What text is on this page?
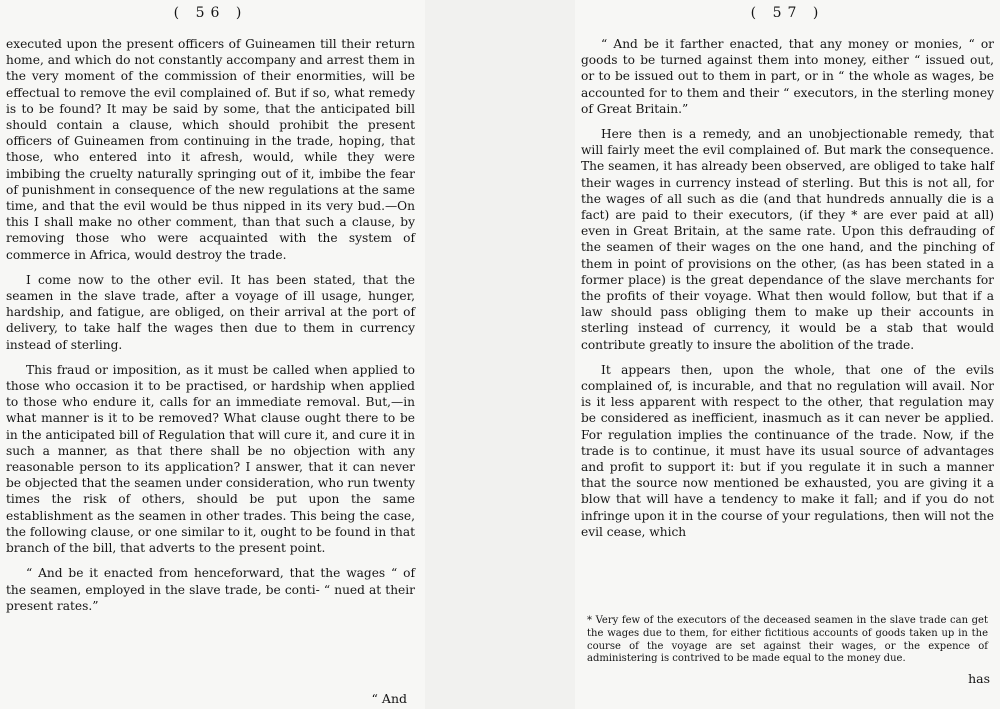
( 56 )

executed upon the present officers of Guineamen till their return home, and which do not constantly accompany and arrest them in the very moment of the commission of their enormities, will be effectual to remove the evil complained of. But if so, what remedy is to be found? It may be said by some, that the anticipated bill should contain a clause, which should prohibit the present officers of Guineamen from continuing in the trade, hoping, that those, who entered into it afresh, would, while they were imbibing the cruelty naturally springing out of it, imbibe the fear of punishment in consequence of the new regulations at the same time, and that the evil would be thus nipped in its very bud.—On this I shall make no other comment, than that such a clause, by removing those who were acquainted with the system of commerce in Africa, would destroy the trade.

I come now to the other evil. It has been stated, that the seamen in the slave trade, after a voyage of ill usage, hunger, hardship, and fatigue, are obliged, on their arrival at the port of delivery, to take half the wages then due to them in currency instead of sterling.

This fraud or imposition, as it must be called when applied to those who occasion it to be practised, or hardship when applied to those who endure it, calls for an immediate removal. But,—in what manner is it to be removed? What clause ought there to be in the anticipated bill of Regulation that will cure it, and cure it in such a manner, as that there shall be no objection with any reasonable person to its application? I answer, that it can never be objected that the seamen under consideration, who run twenty times the risk of others, should be put upon the same establishment as the seamen in other trades. This being the case, the following clause, or one similar to it, ought to be found in that branch of the bill, that adverts to the present point.

“ And be it enacted from henceforward, that the wages “ of the seamen, employed in the slave trade, be conti- “ nued at their present rates.”

“ And
( 57 )

“ And be it farther enacted, that any money or monies, “ or goods to be turned against them into money, either “ issued out, or to be issued out to them in part, or in “ the whole as wages, be accounted for to them and their “ executors, in the sterling money of Great Britain.”

Here then is a remedy, and an unobjectionable remedy, that will fairly meet the evil complained of. But mark the consequence. The seamen, it has already been observed, are obliged to take half their wages in currency instead of sterling. But this is not all, for the wages of all such as die (and that hundreds annually die is a fact) are paid to their executors, (if they * are ever paid at all) even in Great Britain, at the same rate. Upon this defrauding of the seamen of their wages on the one hand, and the pinching of them in point of provisions on the other, (as has been stated in a former place) is the great dependance of the slave merchants for the profits of their voyage. What then would follow, but that if a law should pass obliging them to make up their accounts in sterling instead of currency, it would be a stab that would contribute greatly to insure the abolition of the trade.

It appears then, upon the whole, that one of the evils complained of, is incurable, and that no regulation will avail. Nor is it less apparent with respect to the other, that regulation may be considered as inefficient, inasmuch as it can never be applied. For regulation implies the continuance of the trade. Now, if the trade is to continue, it must have its usual source of advantages and profit to support it: but if you regulate it in such a manner that the source now mentioned be exhausted, you are giving it a blow that will have a tendency to make it fall; and if you do not infringe upon it in the course of your regulations, then will not the evil cease, which

* Very few of the executors of the deceased seamen in the slave trade can get the wages due to them, for either fictitious accounts of goods taken up in the course of the voyage are set against their wages, or the expence of administering is contrived to be made equal to the money due.

has
